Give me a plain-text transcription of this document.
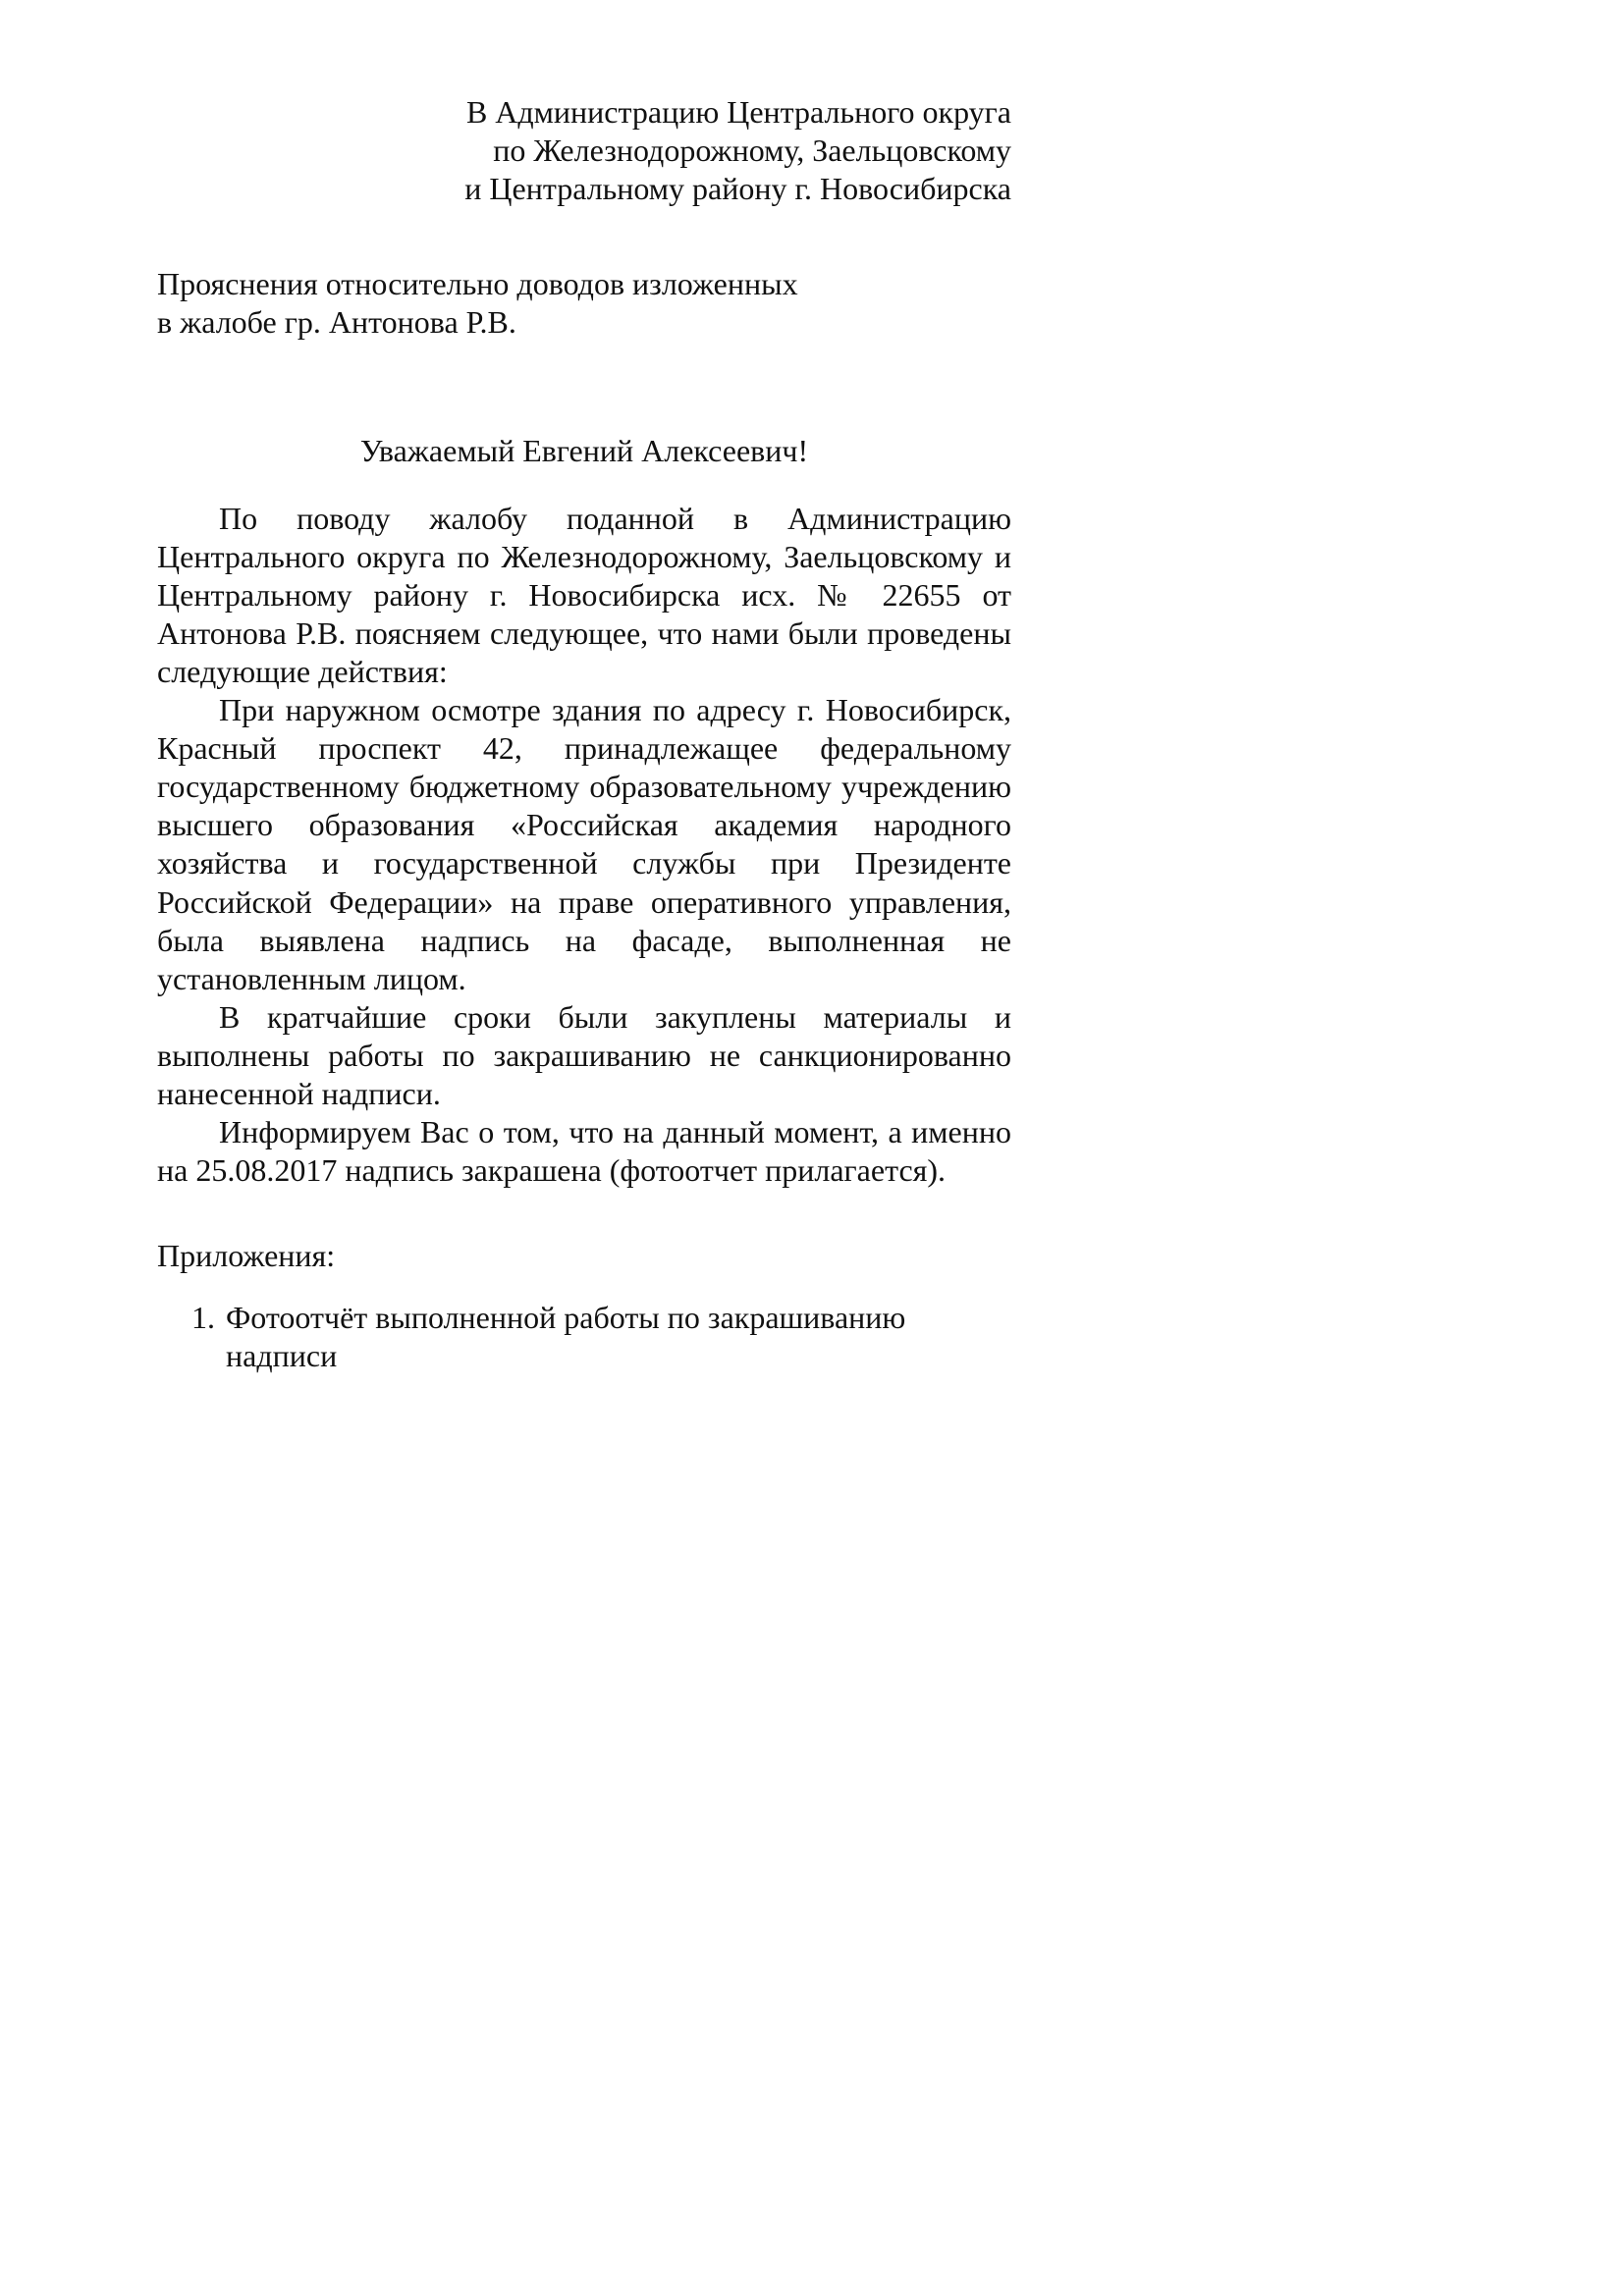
В Администрацию Центрального округа
по Железнодорожному, Заельцовскому
и Центральному району г. Новосибирска
Прояснения относительно доводов изложенных
в жалобе гр. Антонова Р.В.
Уважаемый Евгений Алексеевич!

По поводу жалобу поданной в Администрацию Центрального округа по Железнодорожному, Заельцовскому и Центральному району г. Новосибирска исх. № 22655 от Антонова Р.В. поясняем следующее, что нами были проведены следующие действия:

При наружном осмотре здания по адресу г. Новосибирск, Красный проспект 42, принадлежащее федеральному государственному бюджетному образовательному учреждению высшего образования «Российская академия народного хозяйства и государственной службы при Президенте Российской Федерации» на праве оперативного управления, была выявлена надпись на фасаде, выполненная не установленным лицом.

В кратчайшие сроки были закуплены материалы и выполнены работы по закрашиванию не санкционированно нанесенной надписи.

Информируем Вас о том, что на данный момент, а именно на 25.08.2017 надпись закрашена (фотоотчет прилагается).

Приложения:
1. Фотоотчёт выполненной работы по закрашиванию надписи
